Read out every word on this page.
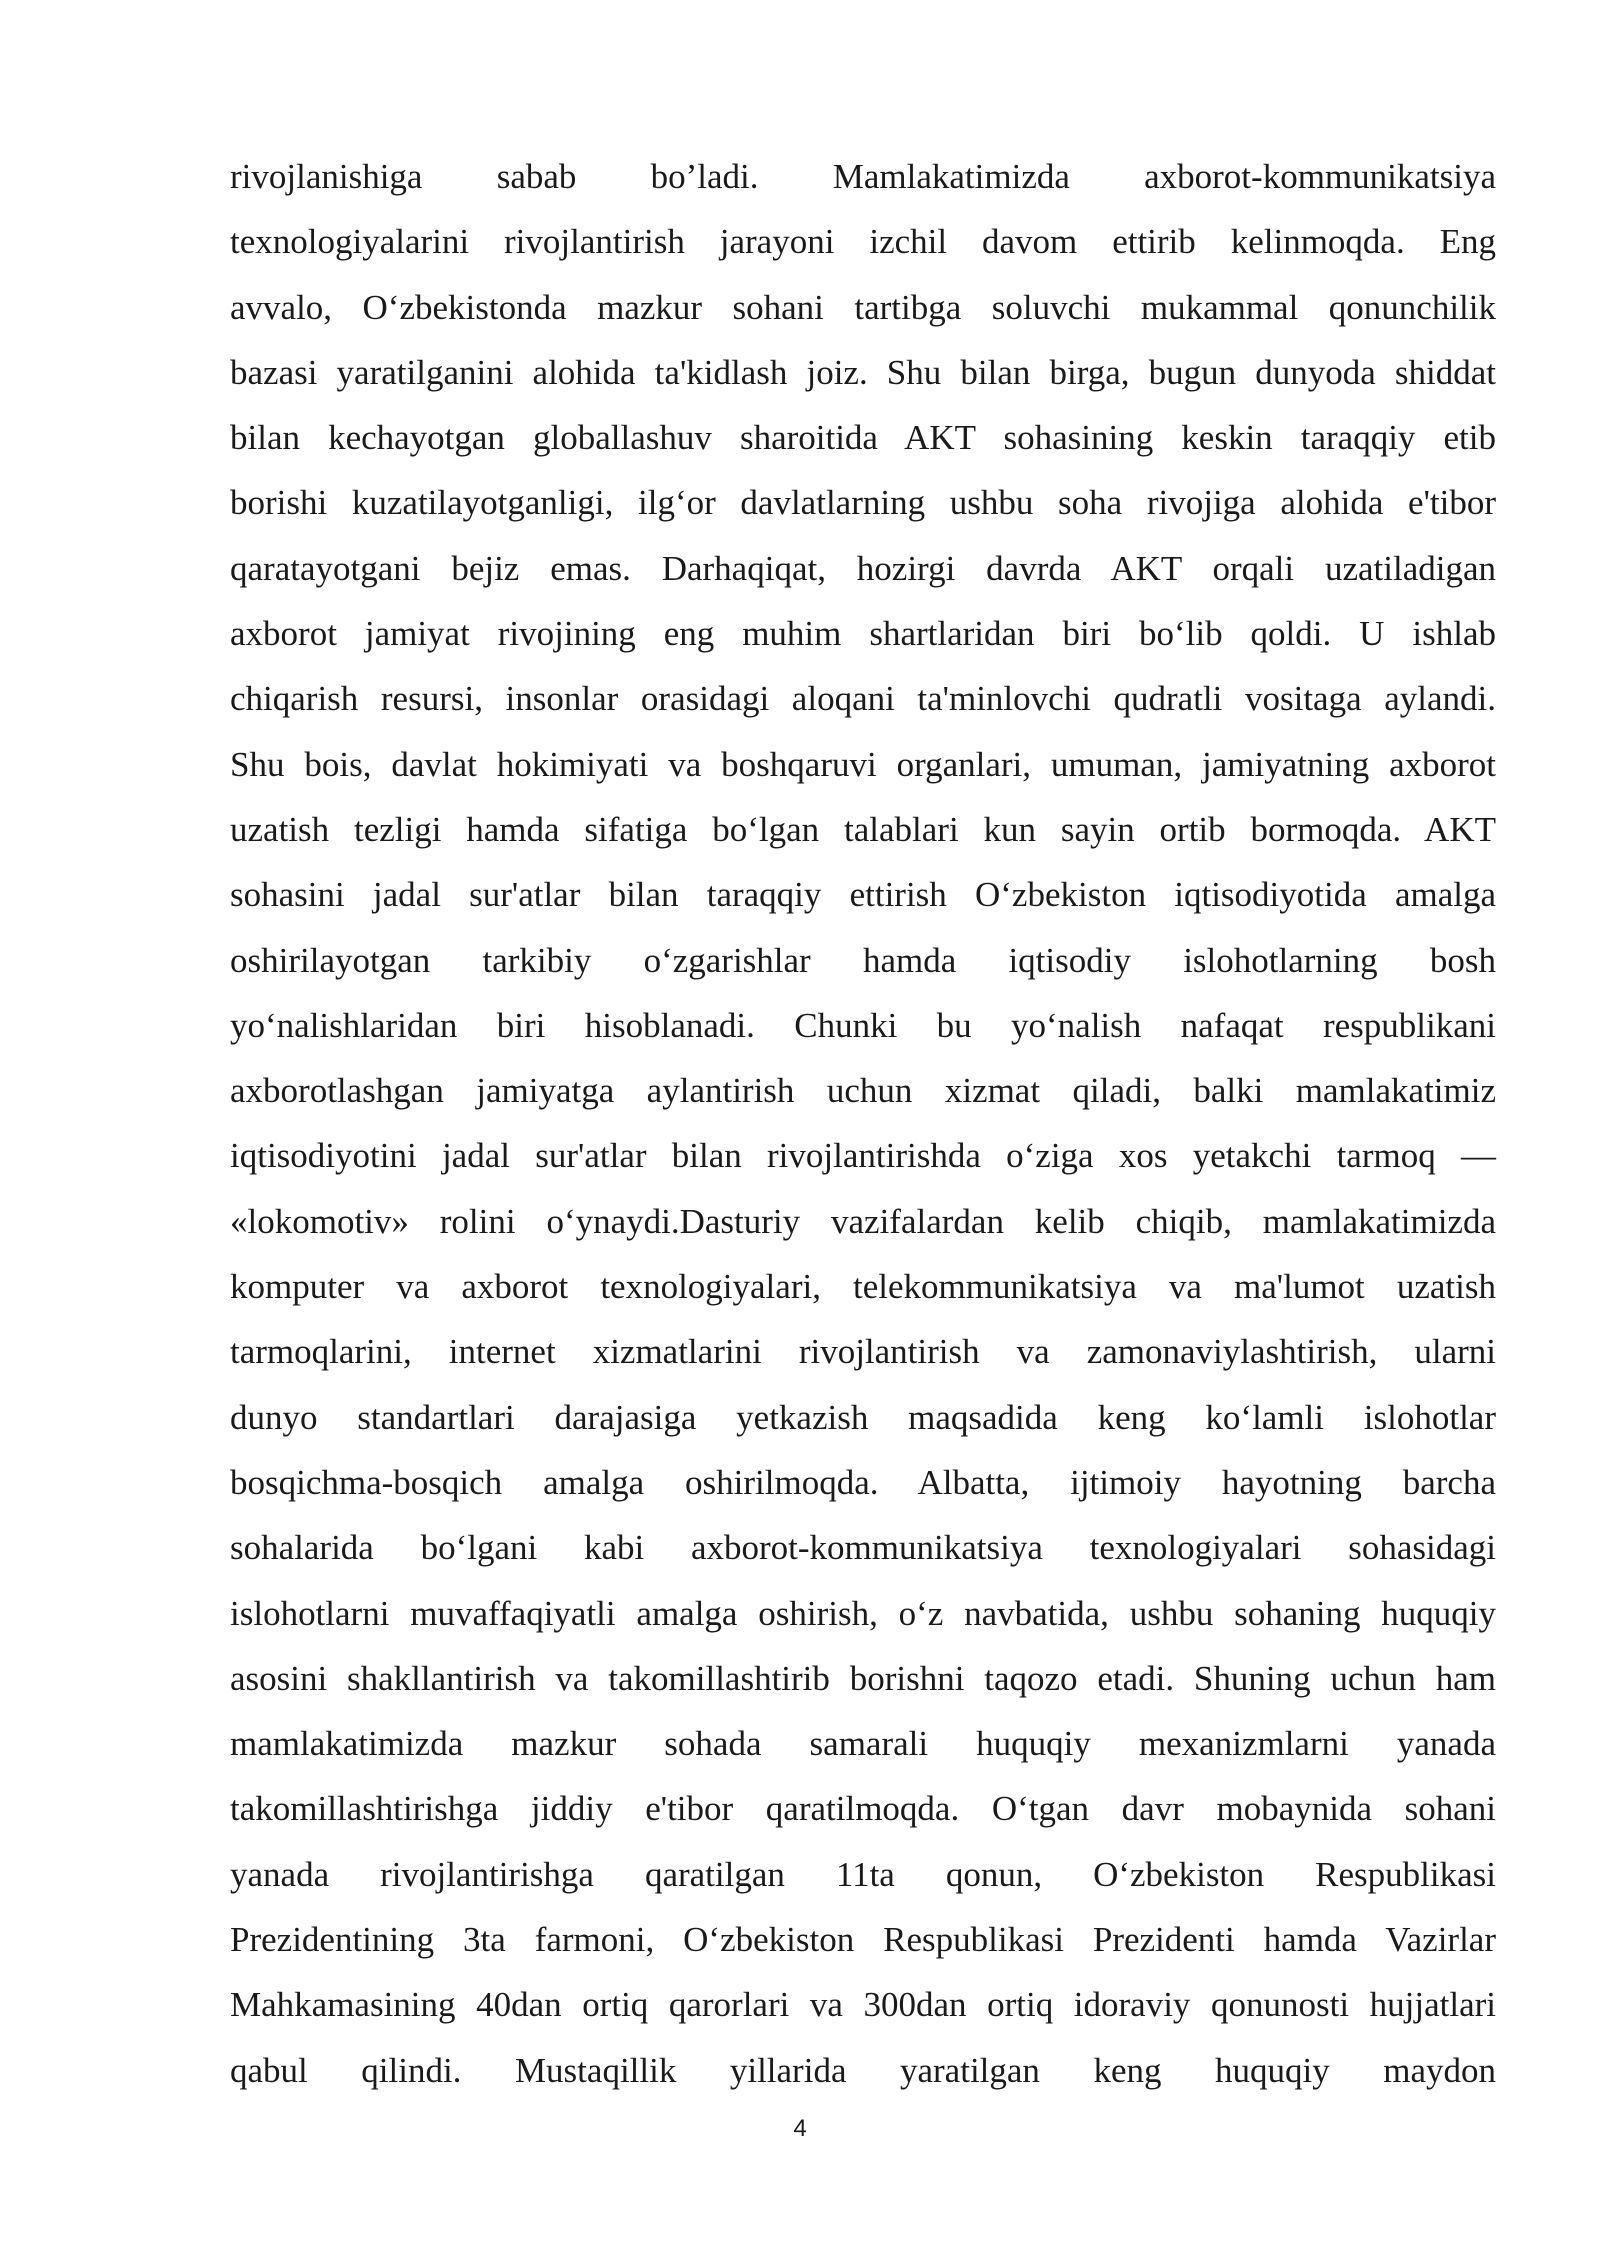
rivojlanishiga sabab bo’ladi. Mamlakatimizda axborot-kommunikatsiya
texnologiyalarini rivojlantirish jarayoni izchil davom ettirib kelinmoqda. Eng
avvalo, O‘zbekistonda mazkur sohani tartibga soluvchi mukammal qonunchilik
bazasi yaratilganini alohida ta'kidlash joiz. Shu bilan birga, bugun dunyoda shiddat
bilan kechayotgan globallashuv sharoitida AKT sohasining keskin taraqqiy etib
borishi kuzatilayotganligi, ilg‘or davlatlarning ushbu soha rivojiga alohida e'tibor
qaratayotgani bejiz emas. Darhaqiqat, hozirgi davrda AKT orqali uzatiladigan
axborot jamiyat rivojining eng muhim shartlaridan biri bo‘lib qoldi. U ishlab
chiqarish resursi, insonlar orasidagi aloqani ta'minlovchi qudratli vositaga aylandi.
Shu bois, davlat hokimiyati va boshqaruvi organlari, umuman, jamiyatning axborot
uzatish tezligi hamda sifatiga bo‘lgan talablari kun sayin ortib bormoqda. AKT
sohasini jadal sur'atlar bilan taraqqiy ettirish O‘zbekiston iqtisodiyotida amalga
oshirilayotgan tarkibiy o‘zgarishlar hamda iqtisodiy islohotlarning bosh
yo‘nalishlaridan biri hisoblanadi. Chunki bu yo‘nalish nafaqat respublikani
axborotlashgan jamiyatga aylantirish uchun xizmat qiladi, balki mamlakatimiz
iqtisodiyotini jadal sur'atlar bilan rivojlantirishda o‘ziga xos yetakchi tarmoq —
«lokomotiv» rolini o‘ynaydi.Dasturiy vazifalardan kelib chiqib, mamlakatimizda
komputer va axborot texnologiyalari, telekommunikatsiya va ma'lumot uzatish
tarmoqlarini, internet xizmatlarini rivojlantirish va zamonaviylashtirish, ularni
dunyo standartlari darajasiga yetkazish maqsadida keng ko‘lamli islohotlar
bosqichma-bosqich amalga oshirilmoqda. Albatta, ijtimoiy hayotning barcha
sohalarida bo‘lgani kabi axborot-kommunikatsiya texnologiyalari sohasidagi
islohotlarni muvaffaqiyatli amalga oshirish, o‘z navbatida, ushbu sohaning huquqiy
asosini shakllantirish va takomillashtirib borishni taqozo etadi. Shuning uchun ham
mamlakatimizda mazkur sohada samarali huquqiy mexanizmlarni yanada
takomillashtirishga jiddiy e'tibor qaratilmoqda. O‘tgan davr mobaynida sohani
yanada rivojlantirishga qaratilgan 11ta qonun, O‘zbekiston Respublikasi
Prezidentining 3ta farmoni, O‘zbekiston Respublikasi Prezidenti hamda Vazirlar
Mahkamasining 40dan ortiq qarorlari va 300dan ortiq idoraviy qonunosti hujjatlari
qabul qilindi. Mustaqillik yillarida yaratilgan keng huquqiy maydon
4
